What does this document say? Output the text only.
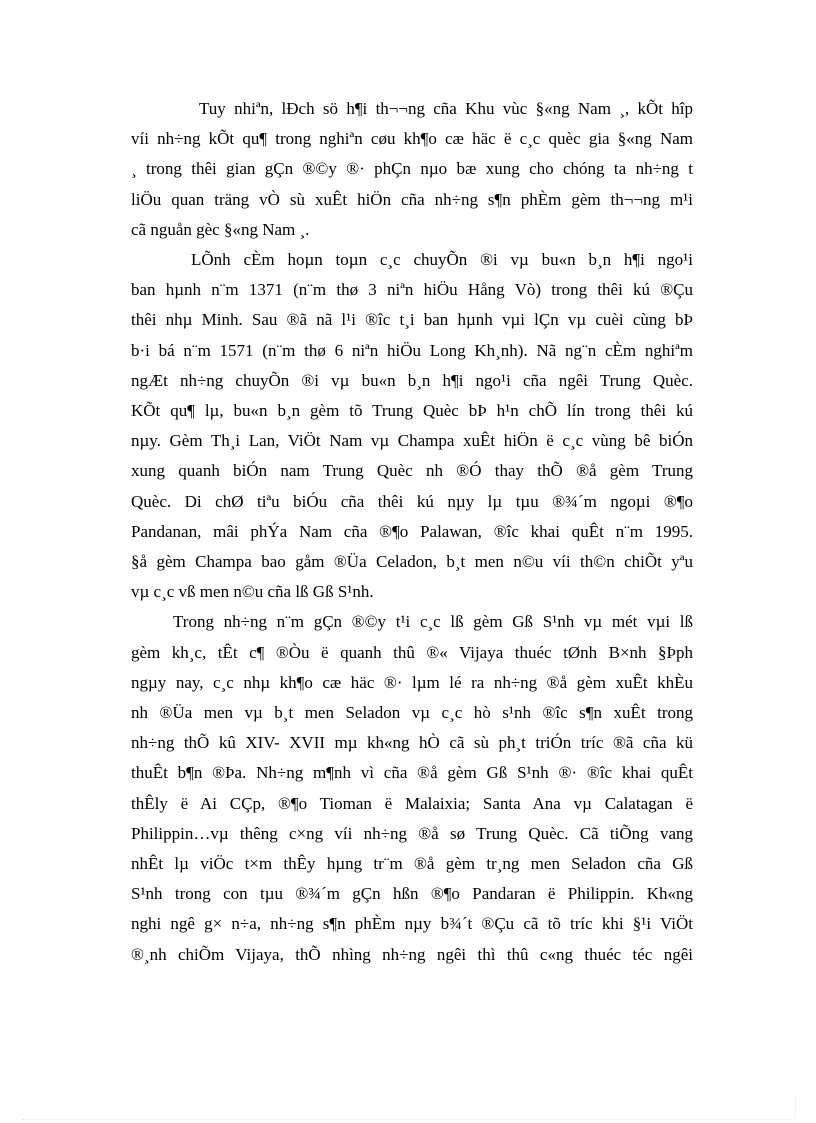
Tuy nhiªn, lÐch sö h¶i th¬¬ng cña Khu vùc §«ng Nam ¸, kÕt hîp
víi nh÷ng kÕt qu¶ trong nghiªn cøu kh¶o cæ häc ë c¸c quèc gia §«ng Nam
¸ trong thêi gian gÇn ®©y ®· phÇn nµo bæ xung cho chóng ta nh÷ng t
liÖu quan träng vÒ sù xuÊt hiÖn cña nh÷ng s¶n phÈm gèm th¬¬ng m¹i
cã nguån gèc §«ng Nam ¸.

LÕnh cÈm hoµn toµn c¸c chuyÕn ®i vµ bu«n b¸n h¶i ngo¹i
ban hµnh n¨m 1371 (n¨m thø 3 niªn hiÖu Hång Vò) trong thêi kú ®Çu
thêi nhµ Minh. Sau ®ã nã l¹i ®îc t¸i ban hµnh vµi lÇn vµ cuèi cùng bÞ
b·i bá n¨m 1571 (n¨m thø 6 niªn hiÖu Long Kh¸nh). Nã ng¨n cÈm nghiªm
ngÆt nh÷ng chuyÕn ®i vµ bu«n b¸n h¶i ngo¹i cña ngêi Trung Quèc.
KÕt qu¶ lµ, bu«n b¸n gèm tõ Trung Quèc bÞ h¹n chÕ lín trong thêi kú
nµy. Gèm Th¸i Lan, ViÖt Nam vµ Champa xuÊt hiÖn ë c¸c vùng bê biÓn
xung quanh biÓn nam Trung Quèc nh ®Ó thay thÕ ®å gèm Trung
Quèc. Di chØ tiªu biÓu cña thêi kú nµy lµ tµu ®¾´m ngoµi ®¶o
Pandanan, mâi phÝa Nam cña ®¶o Palawan, ®îc khai quÊt n¨m 1995.
§å gèm Champa bao gåm ®Üa Celadon, b¸t men n©u víi th©n chiÕt yªu
vµ c¸c vß men n©u cña lß Gß S¹nh.

Trong nh÷ng n¨m gÇn ®©y t¹i c¸c lß gèm Gß S¹nh vµ mét vµi lß
gèm kh¸c, tÊt c¶ ®Òu ë quanh thû ®« Vijaya thuéc tØnh B×nh §Þph
ngµy nay, c¸c nhµ kh¶o cæ häc ®· lµm lé ra nh÷ng ®å gèm xuÊt khÈu
nh ®Üa men vµ b¸t men Seladon vµ c¸c hò s¹nh ®îc s¶n xuÊt trong
nh÷ng thÕ kû XIV- XVII mµ kh«ng hÒ cã sù ph¸t triÓn tríc ®ã cña kü
thuÊt b¶n ®Þa. Nh÷ng m¶nh vì cña ®å gèm Gß S¹nh ®· ®îc khai quÊt
thÊly ë Ai CÇp, ®¶o Tioman ë Malaixia; Santa Ana vµ Calatagan ë
Philippin…vµ thêng c×ng víi nh÷ng ®å sø Trung Quèc. Cã tiÕng vang
nhÊt lµ viÖc t×m thÊy hµng tr¨m ®å gèm tr¸ng men Seladon cña Gß
S¹nh trong con tµu ®¾´m gÇn hßn ®¶o Pandaran ë Philippin. Kh«ng
nghi ngê g× n÷a, nh÷ng s¶n phÈm nµy b¾´t ®Çu cã tõ tríc khi §¹i ViÖt
®¸nh chiÕm Vijaya, thÕ nhìng nh÷ng ngêi thì thû c«ng thuéc téc ngêi
